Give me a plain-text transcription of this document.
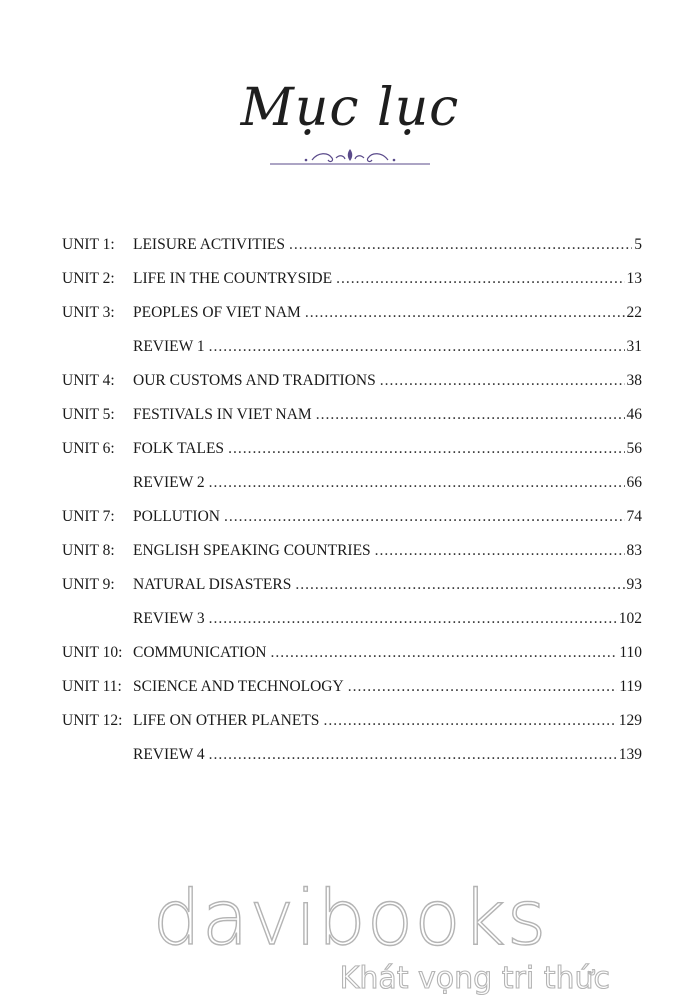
Mục lục
UNIT 1:	LEISURE ACTIVITIES .....	5
UNIT 2:	LIFE IN THE COUNTRYSIDE .....	13
UNIT 3:	PEOPLES OF VIET NAM .....	22
REVIEW 1 .....	31
UNIT 4:	OUR CUSTOMS AND TRADITIONS .....	38
UNIT 5:	FESTIVALS IN VIET NAM .....	46
UNIT 6:	FOLK TALES .....	56
REVIEW 2 .....	66
UNIT 7:	POLLUTION .....	74
UNIT 8:	ENGLISH SPEAKING COUNTRIES .....	83
UNIT 9:	NATURAL DISASTERS .....	93
REVIEW 3 .....	102
UNIT 10: COMMUNICATION .....	110
UNIT 11: SCIENCE AND TECHNOLOGY .....	119
UNIT 12: LIFE ON OTHER PLANETS .....	129
REVIEW 4 .....	139
davibooks
Khát vọng tri thức
